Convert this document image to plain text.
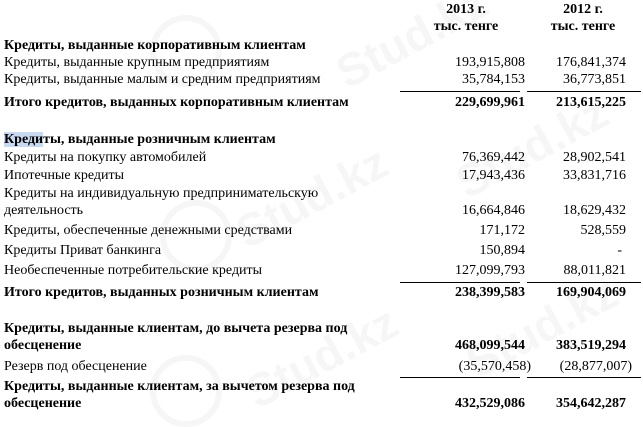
2013 г.
тыс. тенге
2012 г.
тыс. тенге
Кредиты, выданные корпоративным клиентам
Кредиты, выданные крупным предприятиям	193,915,808	176,841,374
Кредиты, выданные малым и средним предприятиям	35,784,153	36,773,851
Итого кредитов, выданных корпоративным клиентам	229,699,961	213,615,225
Кредиты, выданные розничным клиентам
Кредиты на покупку автомобилей	76,369,442	28,902,541
Ипотечные кредиты	17,943,436	33,831,716
Кредиты на индивидуальную предпринимательскую деятельность	16,664,846	18,629,432
Кредиты, обеспеченные денежными средствами	171,172	528,559
Кредиты Приват банкинга	150,894	-
Необеспеченные потребительские кредиты	127,099,793	88,011,821
Итого кредитов, выданных розничным клиентам	238,399,583	169,904,069
Кредиты, выданные клиентам, до вычета резерва под обесценение	468,099,544	383,519,294
Резерв под обесценение	(35,570,458)	(28,877,007)
Кредиты, выданные клиентам, за вычетом резерва под обесценение	432,529,086	354,642,287
